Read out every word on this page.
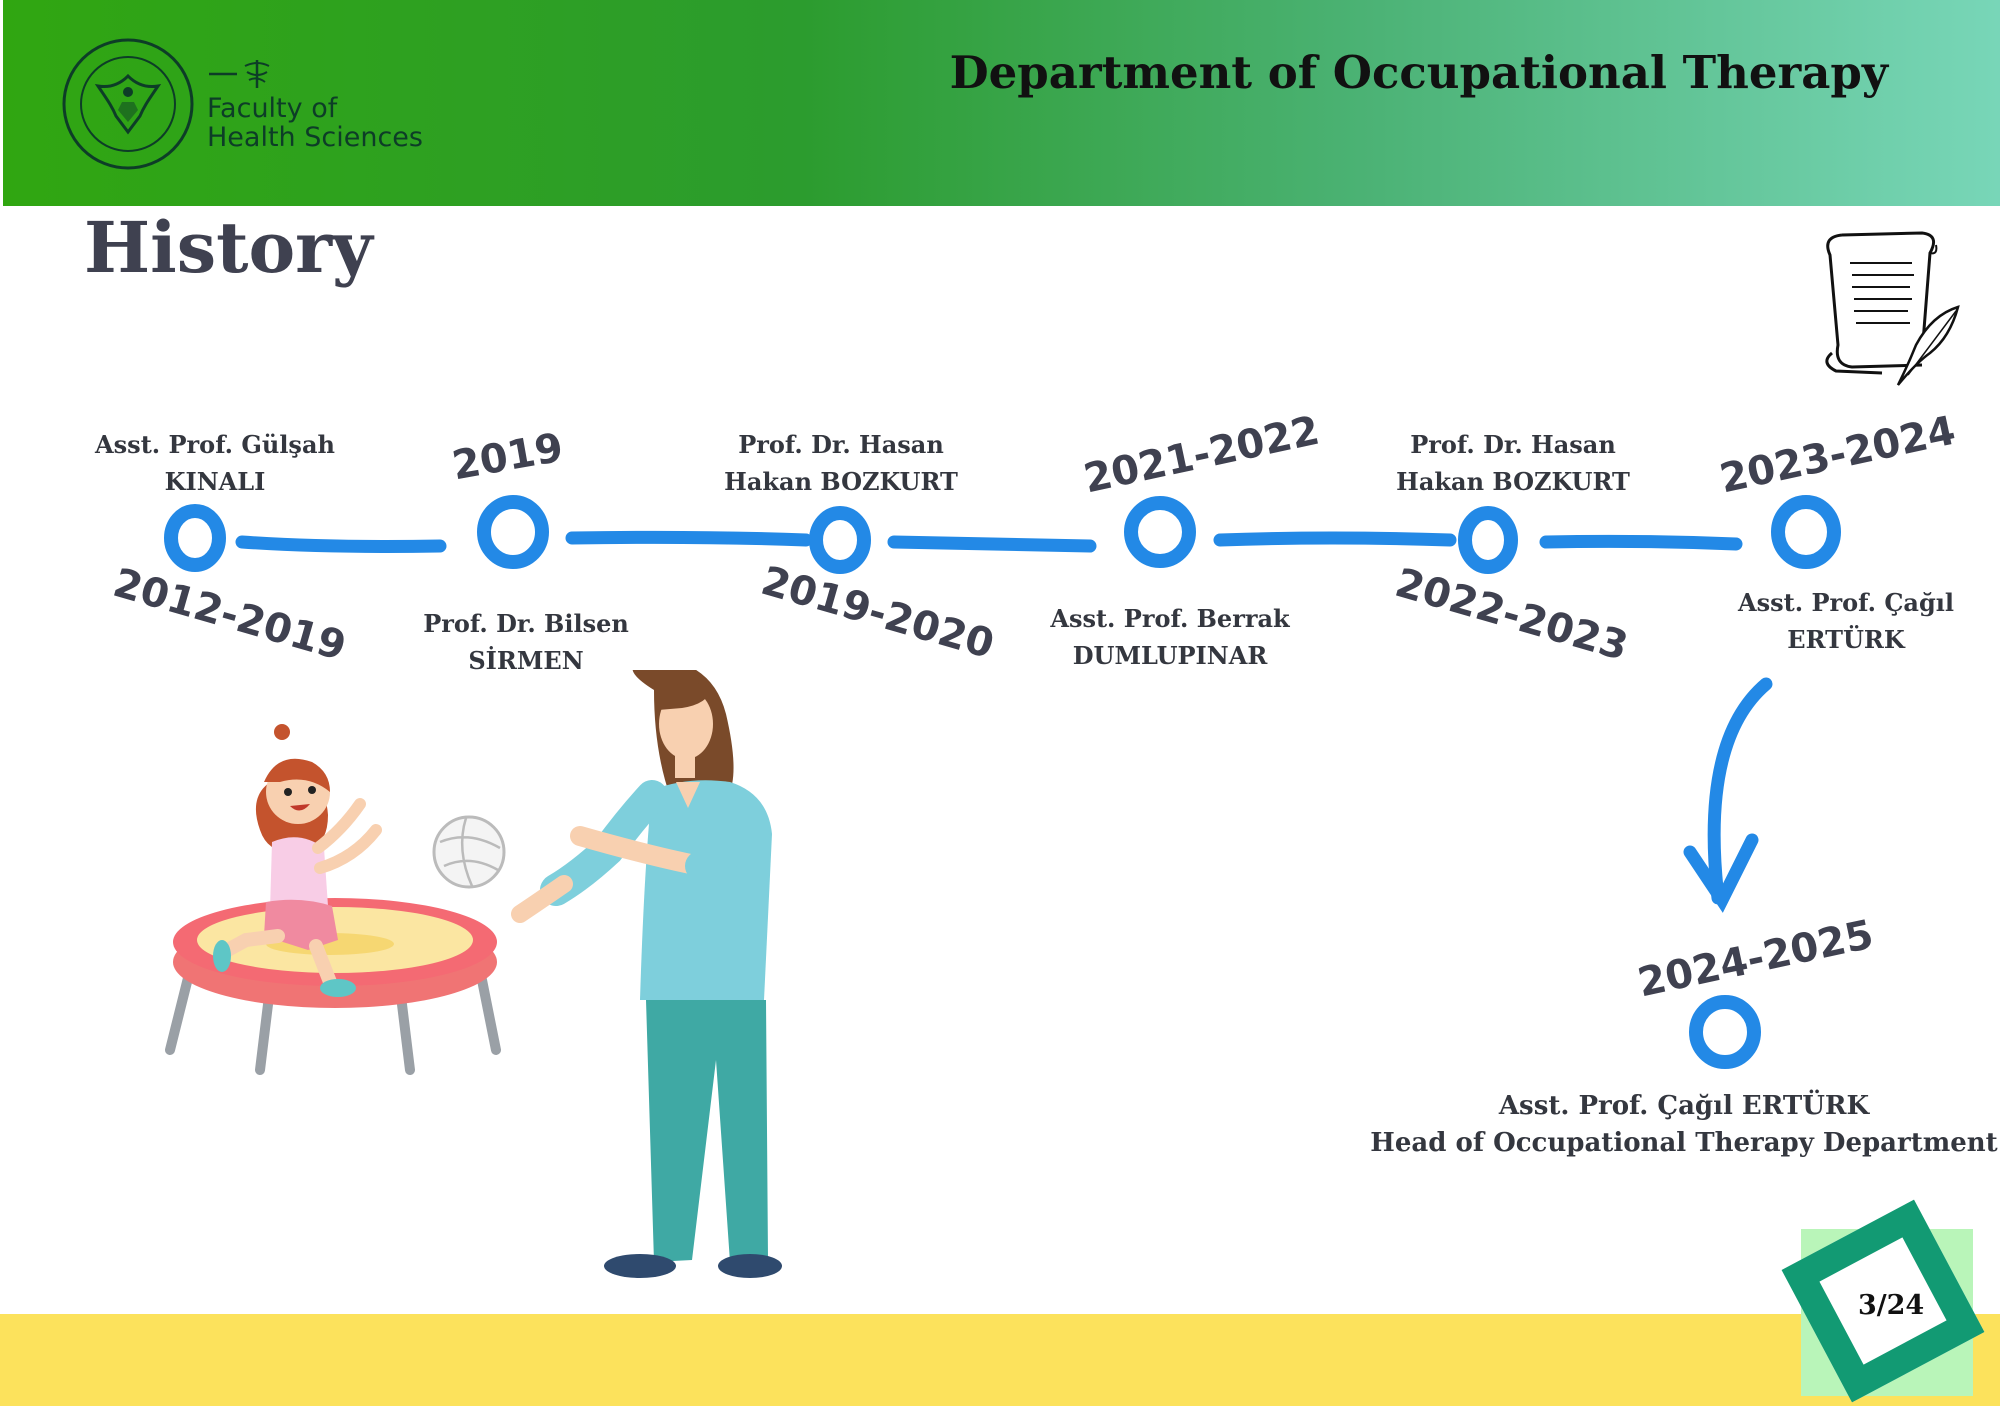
Faculty of
Health Sciences
Department of Occupational Therapy
History
Asst. Prof. Gülşah
KINALI
2012-2019	Prof. Dr. Bilsen
SİRMEN
2019	Prof. Dr. Hasan
Hakan BOZKURT
2019-2020 Asst. Prof. Berrak
DUMLUPINAR
2021-2022	Prof. Dr. Hasan
Hakan BOZKURT
2022-2023	Asst. Prof. Çağıl
ERTÜRK
2023-2024
2024-2025
Asst. Prof. Çağıl ERTÜRK
Head of Occupational Therapy Department
3/24
